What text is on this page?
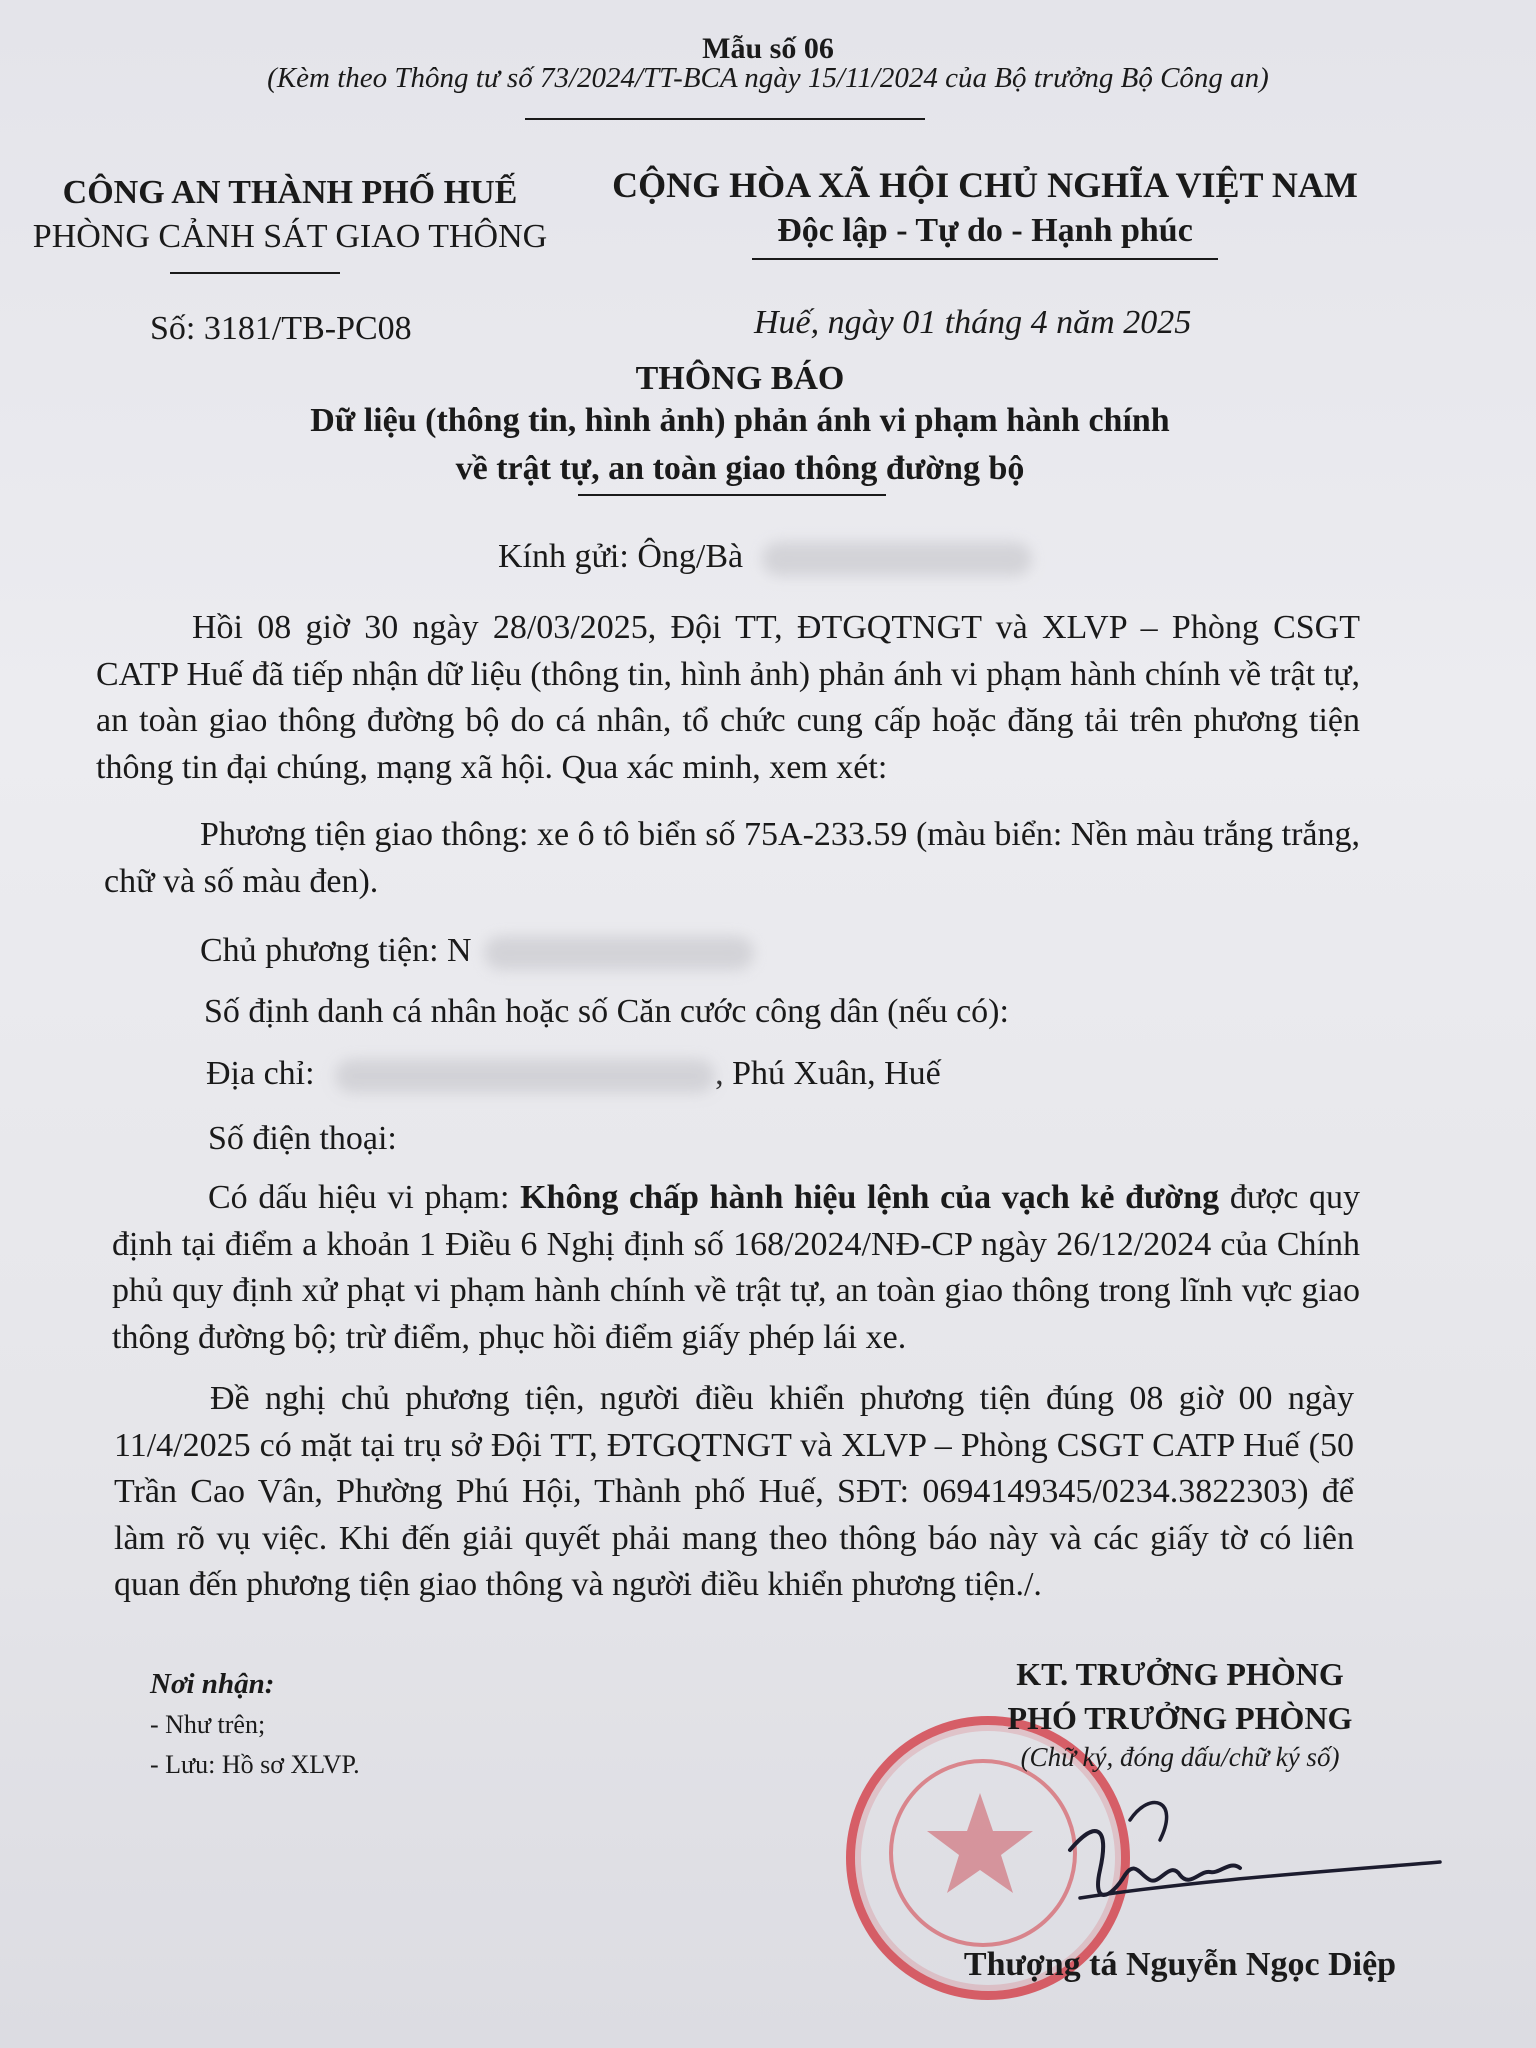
Mẫu số 06
(Kèm theo Thông tư số 73/2024/TT-BCA ngày 15/11/2024 của Bộ trưởng Bộ Công an)
CÔNG AN THÀNH PHỐ HUẾ
PHÒNG CẢNH SÁT GIAO THÔNG
Số: 3181/TB-PC08
CỘNG HÒA XÃ HỘI CHỦ NGHĨA VIỆT NAM
Độc lập - Tự do - Hạnh phúc
Huế, ngày 01 tháng 4 năm 2025
THÔNG BÁO
Dữ liệu (thông tin, hình ảnh) phản ánh vi phạm hành chính
về trật tự, an toàn giao thông đường bộ
Kính gửi: Ông/Bà
Hồi 08 giờ 30 ngày 28/03/2025, Đội TT, ĐTGQTNGT và XLVP – Phòng CSGT CATP Huế đã tiếp nhận dữ liệu (thông tin, hình ảnh) phản ánh vi phạm hành chính về trật tự, an toàn giao thông đường bộ do cá nhân, tổ chức cung cấp hoặc đăng tải trên phương tiện thông tin đại chúng, mạng xã hội. Qua xác minh, xem xét:
Phương tiện giao thông: xe ô tô biển số 75A-233.59 (màu biển: Nền màu trắng trắng, chữ và số màu đen).
Chủ phương tiện: N
Số định danh cá nhân hoặc số Căn cước công dân (nếu có):
Địa chỉ:	, Phú Xuân, Huế
Số điện thoại:
Có dấu hiệu vi phạm: Không chấp hành hiệu lệnh của vạch kẻ đường được quy định tại điểm a khoản 1 Điều 6 Nghị định số 168/2024/NĐ-CP ngày 26/12/2024 của Chính phủ quy định xử phạt vi phạm hành chính về trật tự, an toàn giao thông trong lĩnh vực giao thông đường bộ; trừ điểm, phục hồi điểm giấy phép lái xe.
Đề nghị chủ phương tiện, người điều khiển phương tiện đúng 08 giờ 00 ngày 11/4/2025 có mặt tại trụ sở Đội TT, ĐTGQTNGT và XLVP – Phòng CSGT CATP Huế (50 Trần Cao Vân, Phường Phú Hội, Thành phố Huế, SĐT: 0694149345/0234.3822303) để làm rõ vụ việc. Khi đến giải quyết phải mang theo thông báo này và các giấy tờ có liên quan đến phương tiện giao thông và người điều khiển phương tiện./.
Nơi nhận:
- Như trên;
- Lưu: Hồ sơ XLVP.
KT. TRƯỞNG PHÒNG
PHÓ TRƯỞNG PHÒNG
(Chữ ký, đóng dấu/chữ ký số)
Thượng tá Nguyễn Ngọc Diệp
